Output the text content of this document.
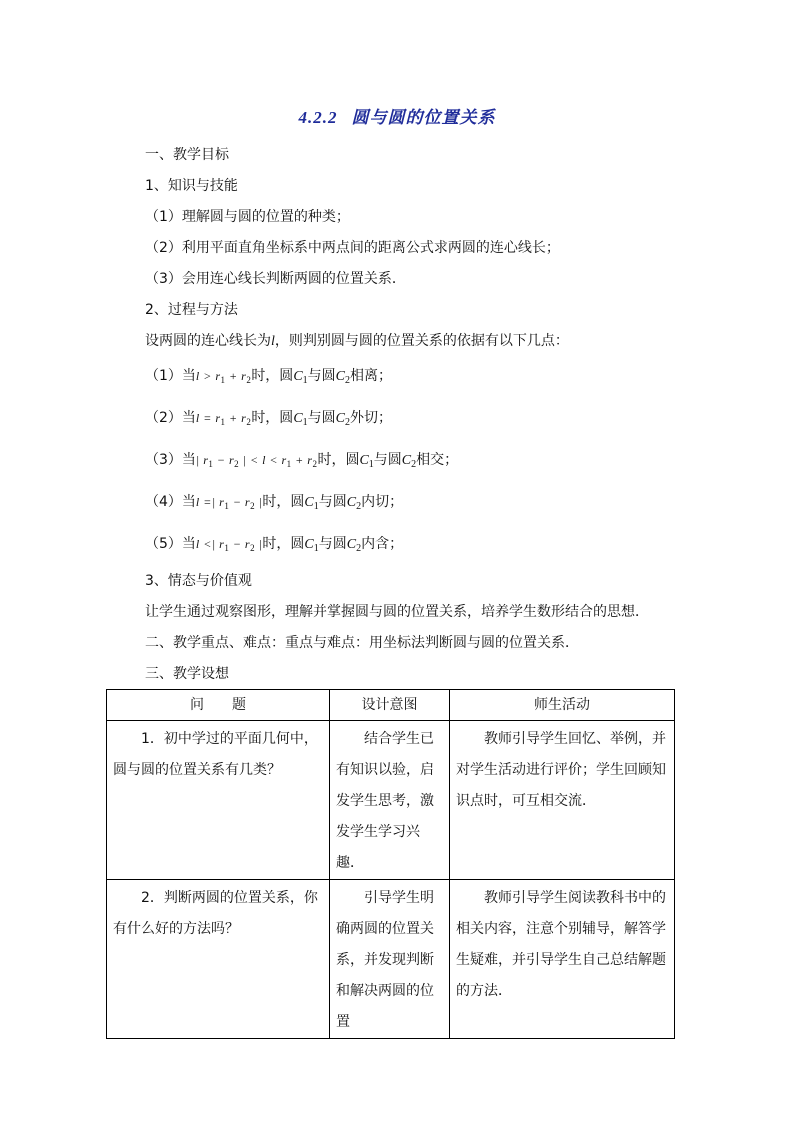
4.2.2 圆与圆的位置关系
一、教学目标
1、知识与技能
（1）理解圆与圆的位置的种类；
（2）利用平面直角坐标系中两点间的距离公式求两圆的连心线长；
（3）会用连心线长判断两圆的位置关系．
2、过程与方法
设两圆的连心线长为l，则判别圆与圆的位置关系的依据有以下几点：
（1）当$l > r_1 + r_2$时，圆$C_1$与圆$C_2$相离；
（2）当$l = r_1 + r_2$时，圆$C_1$与圆$C_2$外切；
（3）当| $r_1 - r_2$ | < $l < r_1 + r_2$时，圆$C_1$与圆$C_2$相交；
（4）当l =| $r_1 - r_2$ |时，圆$C_1$与圆$C_2$内切；
（5）当l <| $r_1 - r_2$ |时，圆$C_1$与圆$C_2$内含；
3、情态与价值观
让学生通过观察图形，理解并掌握圆与圆的位置关系，培养学生数形结合的思想．
二、教学重点、难点：重点与难点：用坐标法判断圆与圆的位置关系．
三、教学设想
问　　题	设计意图	师生活动
1．初中学过的平面几何中，圆与圆的位置关系有几类？	结合学生已有知识以验，启发学生思考，激发学生学习兴趣．	教师引导学生回忆、举例，并对学生活动进行评价；学生回顾知识点时，可互相交流．
2．判断两圆的位置关系，你有什么好的方法吗？	引导学生明确两圆的位置关系，并发现判断和解决两圆的位置	教师引导学生阅读教科书中的相关内容，注意个别辅导，解答学生疑难，并引导学生自己总结解题的方法．
